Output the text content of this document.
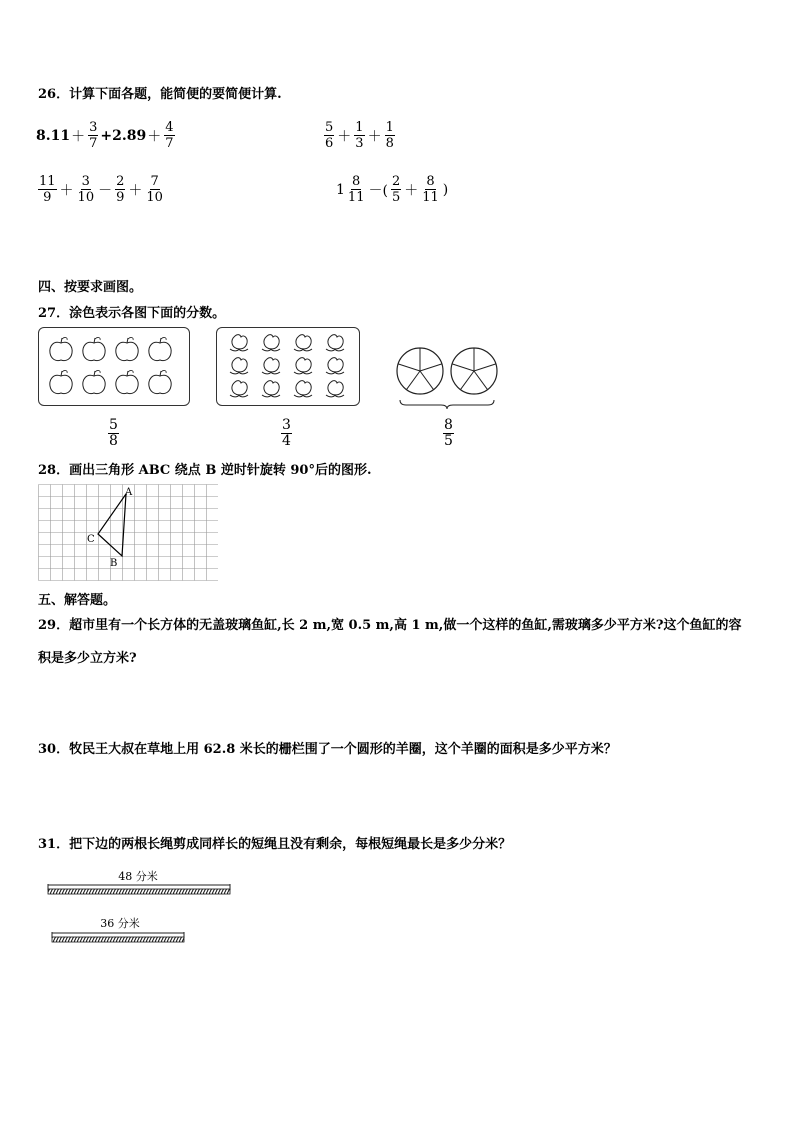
26．计算下面各题，能简便的要简便计算.
$8.11 + \frac{3}{7} +2.89 + \frac{4}{7}$	$\frac{5}{6} + \frac{1}{3} + \frac{1}{8}$
$\frac{11}{9} + \frac{3}{10} - \frac{2}{9} + \frac{7}{10}$	$1 \frac{8}{11}$ －( $\frac{2}{5} + \frac{8}{11}$ )
四、按要求画图。
27．涂色表示各图下面的分数。
$\frac{5}{8}$	$\frac{3}{4}$	$\frac{8}{5}$
28．画出三角形 ABC 绕点 B 逆时针旋转 90°后的图形.
A
B
C
五、解答题。
29．超市里有一个长方体的无盖玻璃鱼缸,长 2 m,宽 0.5 m,高 1 m,做一个这样的鱼缸,需玻璃多少平方米?这个鱼缸的容
积是多少立方米?
30．牧民王大叔在草地上用 62.8 米长的栅栏围了一个圆形的羊圈，这个羊圈的面积是多少平方米？
31．把下边的两根长绳剪成同样长的短绳且没有剩余，每根短绳最长是多少分米？
48 分米
36 分米
